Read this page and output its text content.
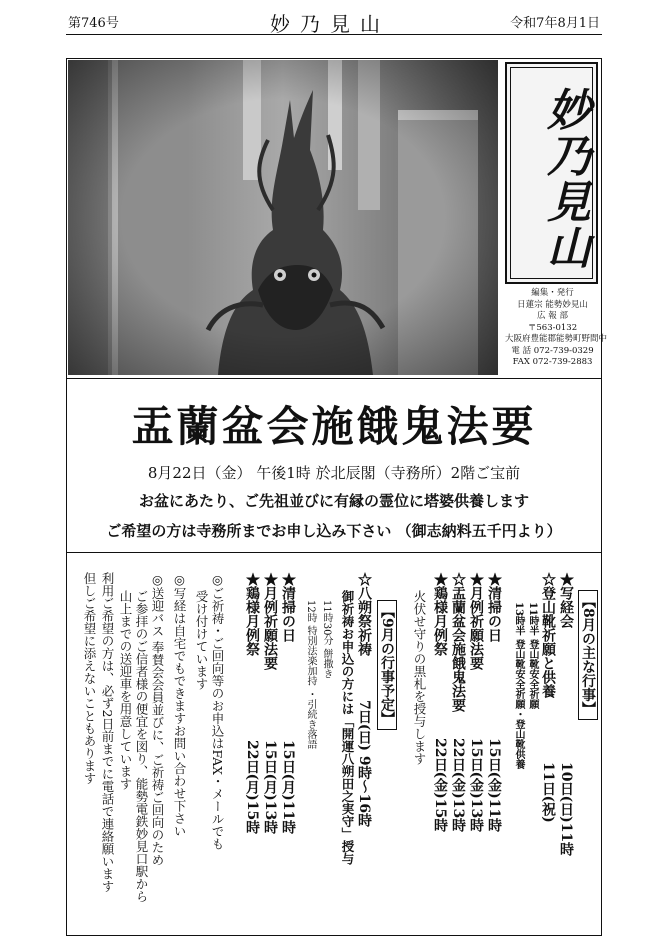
第746号	妙乃見山	令和7年8月1日
妙乃見山
編集・発行
日蓮宗 能勢妙見山
広 報 部
〒563-0132
大阪府豊能郡能勢町野間中
電 話 072-739-0329
FAX 072-739-2883
盂蘭盆会施餓鬼法要
8月22日（金） 午後1時 於北辰閣（寺務所）2階ご宝前
お盆にあたり、ご先祖並びに有縁の霊位に塔婆供養します
ご希望の方は寺務所までお申し込み下さい （御志納料五千円より）
【8月の主な行事】
★写経会
10日(日)11時
☆登山靴祈願と供養
11日(祝)
11時半 登山靴安全祈願
13時半 登山靴安全祈願・登山靴供養
★清掃の日
15日(金)11時
★月例祈願法要
15日(金)13時
☆盂蘭盆会施餓鬼法要
22日(金)13時
★鶏様月例祭
22日(金)15時
火伏せ守りの黒札を授与します
【9月の行事予定】
☆八朔祭祈祷
7日(日) 9時〜16時
御祈祷お申込の方には「開運八朔田之実守」授与
11時30分 餅撒き
12時 特別法楽加持 ・引続き落語
★清掃の日
15日(月)11時
★月例祈願法要
15日(月)13時
★鶏様月例祭
22日(月)15時
◎ご祈祷・ご回向等のお申込はFAX・メールでも
受け付けています
◎写経は自宅でもできますお問い合わせ下さい
◎送迎バス 奉賛会会員並びに、ご祈祷ご回向のため
ご参拝のご信者様の便宜を図り、能勢電鉄妙見口駅から
山上までの送迎車を用意しています
利用ご希望の方は、必ず2日前までに電話で連絡願います
但しご希望に添えないこともあります
